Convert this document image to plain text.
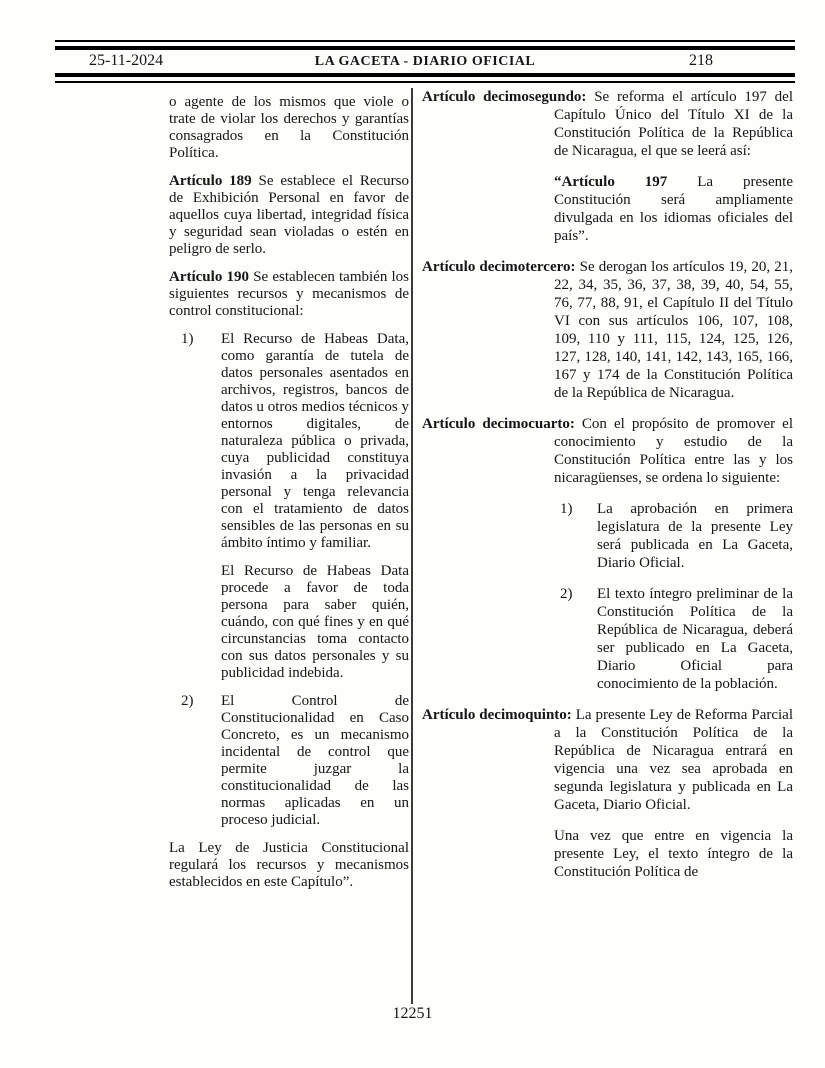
25-11-2024	LA GACETA - DIARIO OFICIAL	218

o agente de los mismos que viole o trate de violar los derechos y garantías consagrados en la Constitución Política.

Artículo 189 Se establece el Recurso de Exhibición Personal en favor de aquellos cuya libertad, integridad física y seguridad sean violadas o estén en peligro de serlo.

Artículo 190 Se establecen también los siguientes recursos y mecanismos de control constitucional:

1) El Recurso de Habeas Data, como garantía de tutela de datos personales asentados en archivos, registros, bancos de datos u otros medios técnicos y entornos digitales, de naturaleza pública o privada, cuya publicidad constituya invasión a la privacidad personal y tenga relevancia con el tratamiento de datos sensibles de las personas en su ámbito íntimo y familiar.

El Recurso de Habeas Data procede a favor de toda persona para saber quién, cuándo, con qué fines y en qué circunstancias toma contacto con sus datos personales y su publicidad indebida.

2) El Control de Constitucionalidad en Caso Concreto, es un mecanismo incidental de control que permite juzgar la constitucionalidad de las normas aplicadas en un proceso judicial.

La Ley de Justicia Constitucional regulará los recursos y mecanismos establecidos en este Capítulo”.

Artículo decimosegundo: Se reforma el artículo 197 del Capítulo Único del Título XI de la Constitución Política de la República de Nicaragua, el que se leerá así:

“Artículo 197 La presente Constitución será ampliamente divulgada en los idiomas oficiales del país”.

Artículo decimotercero: Se derogan los artículos 19, 20, 21, 22, 34, 35, 36, 37, 38, 39, 40, 54, 55, 76, 77, 88, 91, el Capítulo II del Título VI con sus artículos 106, 107, 108, 109, 110 y 111, 115, 124, 125, 126, 127, 128, 140, 141, 142, 143, 165, 166, 167 y 174 de la Constitución Política de la República de Nicaragua.

Artículo decimocuarto: Con el propósito de promover el conocimiento y estudio de la Constitución Política entre las y los nicaragüenses, se ordena lo siguiente:

1) La aprobación en primera legislatura de la presente Ley será publicada en La Gaceta, Diario Oficial.
2) El texto íntegro preliminar de la Constitución Política de la República de Nicaragua, deberá ser publicado en La Gaceta, Diario Oficial para conocimiento de la población.

Artículo decimoquinto: La presente Ley de Reforma Parcial a la Constitución Política de la República de Nicaragua entrará en vigencia una vez sea aprobada en segunda legislatura y publicada en La Gaceta, Diario Oficial.

Una vez que entre en vigencia la presente Ley, el texto íntegro de la Constitución Política de

12251
